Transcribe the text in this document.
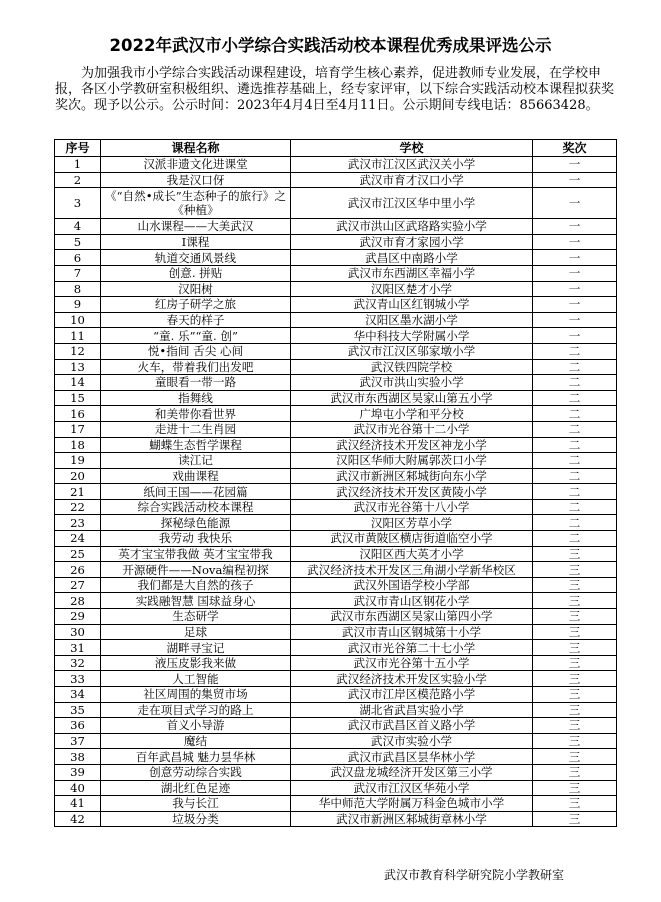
2022年武汉市小学综合实践活动校本课程优秀成果评选公示
为加强我市小学综合实践活动课程建设，培育学生核心素养，促进教师专业发展，在学校申报，各区小学教研室积极组织、遴选推荐基础上，经专家评审，以下综合实践活动校本课程拟获奖奖次。现予以公示。公示时间：2023年4月4日至4月11日。公示期间专线电话：85663428。
序号	课程名称	学校	奖次
1	汉派非遗文化进课堂	武汉市江汉区武汉关小学	一
2	我是汉口伢	武汉市育才汉口小学	一
3	《“自然•成长”生态种子的旅行》之《种植》	武汉市江汉区华中里小学	一
4	山水课程——大美武汉	武汉市洪山区武珞路实验小学	一
5	I课程	武汉市育才家园小学	一
6	轨道交通风景线	武昌区中南路小学	一
7	创意. 拼贴	武汉市东西湖区幸福小学	一
8	汉阳树	汉阳区楚才小学	一
9	红房子研学之旅	武汉青山区红钢城小学	一
10	春天的样子	汉阳区墨水湖小学	一
11	“童. 乐”“童. 创”	华中科技大学附属小学	一
12	悦•指间 舌尖 心间	武汉市江汉区邬家墩小学	二
13	火车，带着我们出发吧	武汉铁四院学校	二
14	童眼看一带一路	武汉市洪山实验小学	二
15	指舞线	武汉市东西湖区吴家山第五小学	二
16	和美带你看世界	广埠屯小学和平分校	二
17	走进十二生肖园	武汉市光谷第十二小学	二
18	蝴蝶生态哲学课程	武汉经济技术开发区神龙小学	二
19	读江记	汉阳区华师大附属郭茨口小学	二
20	戏曲课程	武汉市新洲区邾城街向东小学	二
21	纸间王国——花园篇	武汉经济技术开发区黄陵小学	二
22	综合实践活动校本课程	武汉市光谷第十八小学	二
23	探秘绿色能源	汉阳区芳草小学	二
24	我劳动 我快乐	武汉市黄陂区横店街道临空小学	二
25	英才宝宝带我做 英才宝宝带我	汉阳区西大英才小学	三
26	开源硬件——Nova编程初探	武汉经济技术开发区三角湖小学新华校区	三
27	我们都是大自然的孩子	武汉外国语学校小学部	三
28	实践融智慧 国球益身心	武汉市青山区钢花小学	三
29	生态研学	武汉市东西湖区吴家山第四小学	三
30	足球	武汉市青山区钢城第十小学	三
31	湖畔寻宝记	武汉市光谷第二十七小学	三
32	液压皮影我来做	武汉市光谷第十五小学	三
33	人工智能	武汉经济技术开发区实验小学	三
34	社区周围的集贸市场	武汉市江岸区模范路小学	三
35	走在项目式学习的路上	湖北省武昌实验小学	三
36	首义小导游	武汉市武昌区首义路小学	三
37	魔结	武汉市实验小学	三
38	百年武昌城 魅力昙华林	武汉市武昌区昙华林小学	三
39	创意劳动综合实践	武汉盘龙城经济开发区第三小学	三
40	湖北红色足迹	武汉市江汉区华苑小学	三
41	我与长江	华中师范大学附属万科金色城市小学	三
42	垃圾分类	武汉市新洲区邾城街章林小学	三
武汉市教育科学研究院小学教研室
